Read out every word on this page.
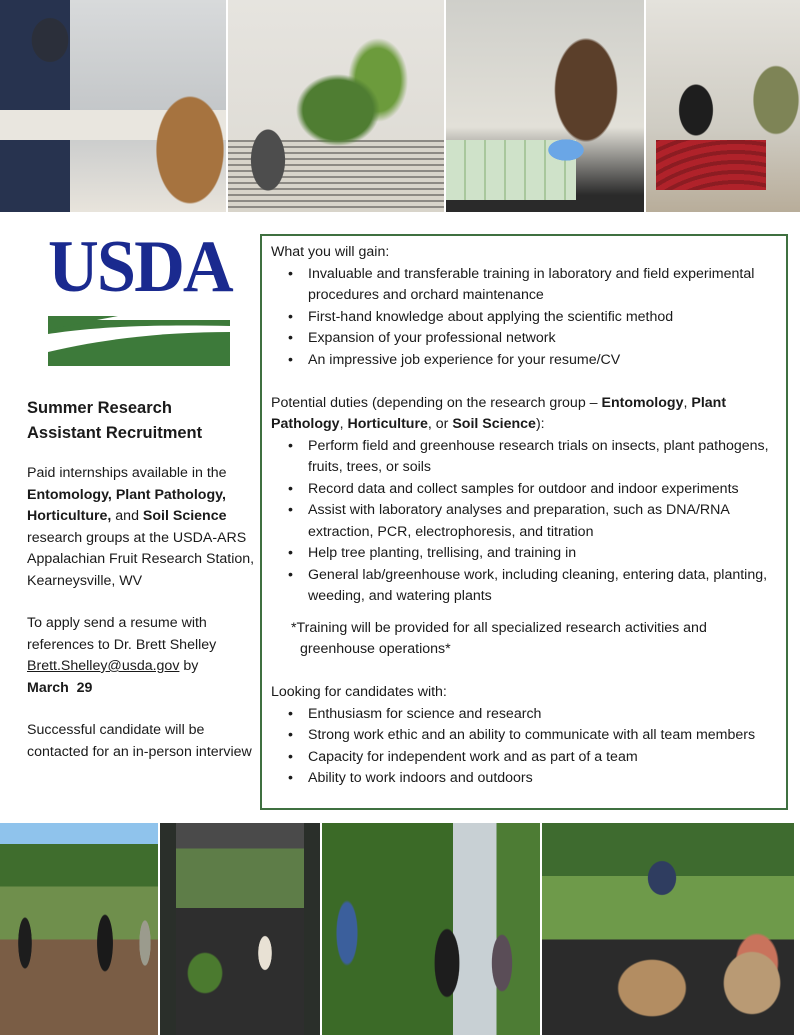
USDA
Summer Research
Assistant Recruitment

Paid internships available in the Entomology, Plant Pathology, Horticulture, and Soil Science research groups at the USDA-ARS Appalachian Fruit Research Station, Kearneysville, WV

To apply send a resume with references to Dr. Brett Shelley Brett.Shelley@usda.gov by
March  29

Successful candidate will be contacted for an in-person interview

What you will gain:
• Invaluable and transferable training in laboratory and field experimental procedures and orchard maintenance
• First-hand knowledge about applying the scientific method
• Expansion of your professional network
• An impressive job experience for your resume/CV
Potential duties (depending on the research group – Entomology, Plant Pathology, Horticulture, or Soil Science):
• Perform field and greenhouse research trials on insects, plant pathogens, fruits, trees, or soils
• Record data and collect samples for outdoor and indoor experiments
• Assist with laboratory analyses and preparation, such as DNA/RNA extraction, PCR, electrophoresis, and titration
• Help tree planting, trellising, and training in
• General lab/greenhouse work, including cleaning, entering data, planting, weeding, and watering plants
*Training will be provided for all specialized research activities and
greenhouse operations*
Looking for candidates with:
• Enthusiasm for science and research
• Strong work ethic and an ability to communicate with all team members
• Capacity for independent work and as part of a team
• Ability to work indoors and outdoors
